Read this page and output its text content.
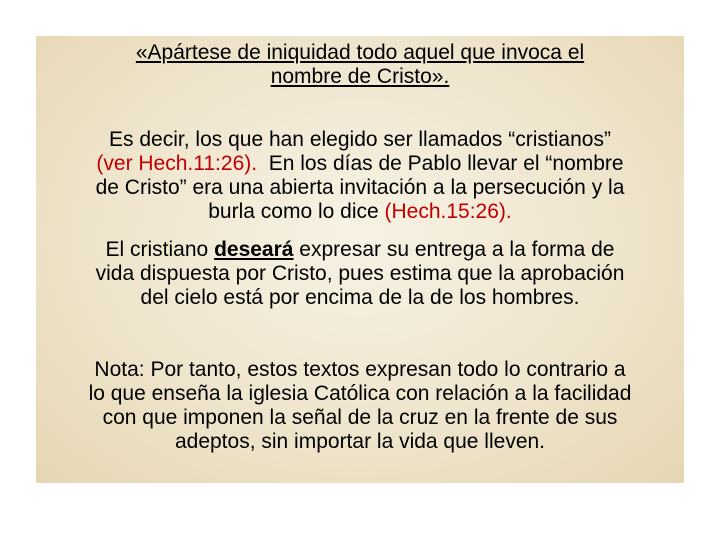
«Apártese de iniquidad todo aquel que invoca el
nombre de Cristo».
Es decir, los que han elegido ser llamados “cristianos”
(ver Hech.11:26).  En los días de Pablo llevar el “nombre
de Cristo” era una abierta invitación a la persecución y la
burla como lo dice (Hech.15:26).
El cristiano deseará expresar su entrega a la forma de
vida dispuesta por Cristo, pues estima que la aprobación
del cielo está por encima de la de los hombres.
Nota: Por tanto, estos textos expresan todo lo contrario a
lo que enseña la iglesia Católica con relación a la facilidad
con que imponen la señal de la cruz en la frente de sus
adeptos, sin importar la vida que lleven.
